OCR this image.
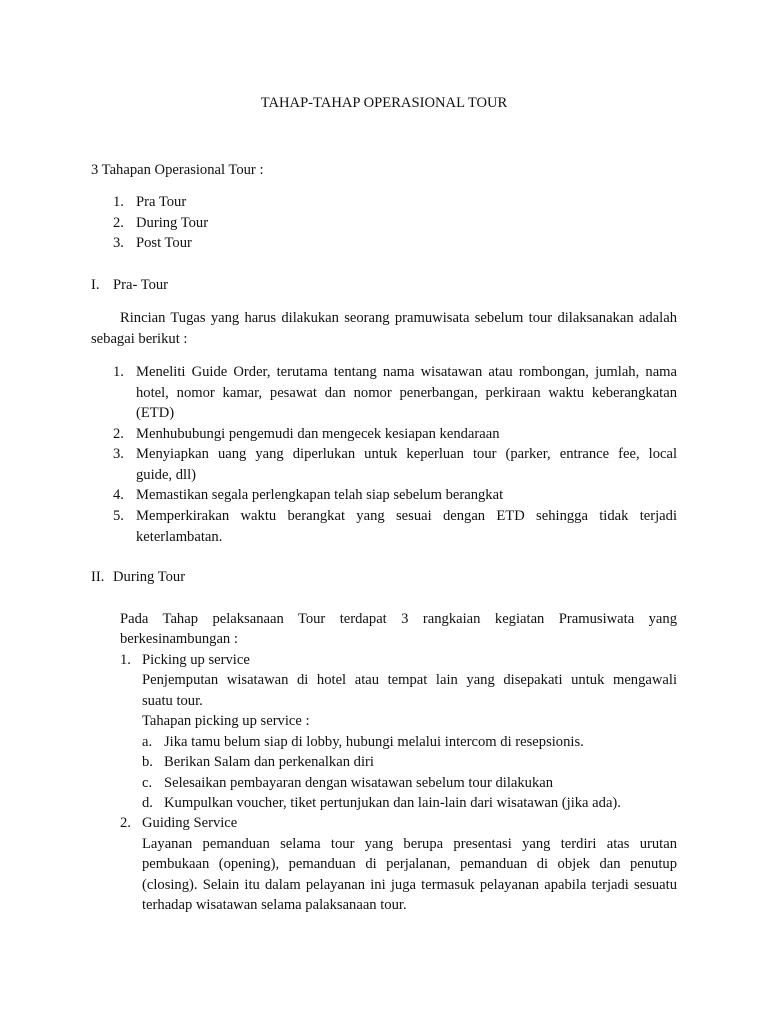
TAHAP-TAHAP OPERASIONAL TOUR
3 Tahapan Operasional Tour :
1. Pra Tour
2. During Tour
3. Post Tour
I. Pra- Tour
Rincian Tugas yang harus dilakukan seorang pramuwisata sebelum tour dilaksanakan adalah
sebagai berikut :
1. Meneliti Guide Order, terutama tentang nama wisatawan atau rombongan, jumlah, nama
hotel, nomor kamar, pesawat dan nomor penerbangan, perkiraan waktu keberangkatan
(ETD)
2. Menhububungi pengemudi dan mengecek kesiapan kendaraan
3. Menyiapkan uang yang diperlukan untuk keperluan tour (parker, entrance fee, local
guide, dll)
4. Memastikan segala perlengkapan telah siap sebelum berangkat
5. Memperkirakan waktu berangkat yang sesuai dengan ETD sehingga tidak terjadi
keterlambatan.
II. During Tour
Pada Tahap pelaksanaan Tour terdapat 3 rangkaian kegiatan Pramusiwata yang
berkesinambungan :
1. Picking up service
Penjemputan wisatawan di hotel atau tempat lain yang disepakati untuk mengawali
suatu tour.
Tahapan picking up service :
a. Jika tamu belum siap di lobby, hubungi melalui intercom di resepsionis.
b. Berikan Salam dan perkenalkan diri
c. Selesaikan pembayaran dengan wisatawan sebelum tour dilakukan
d. Kumpulkan voucher, tiket pertunjukan dan lain-lain dari wisatawan (jika ada).
2. Guiding Service
Layanan pemanduan selama tour yang berupa presentasi yang terdiri atas urutan
pembukaan (opening), pemanduan di perjalanan, pemanduan di objek dan penutup
(closing). Selain itu dalam pelayanan ini juga termasuk pelayanan apabila terjadi sesuatu
terhadap wisatawan selama palaksanaan tour.
